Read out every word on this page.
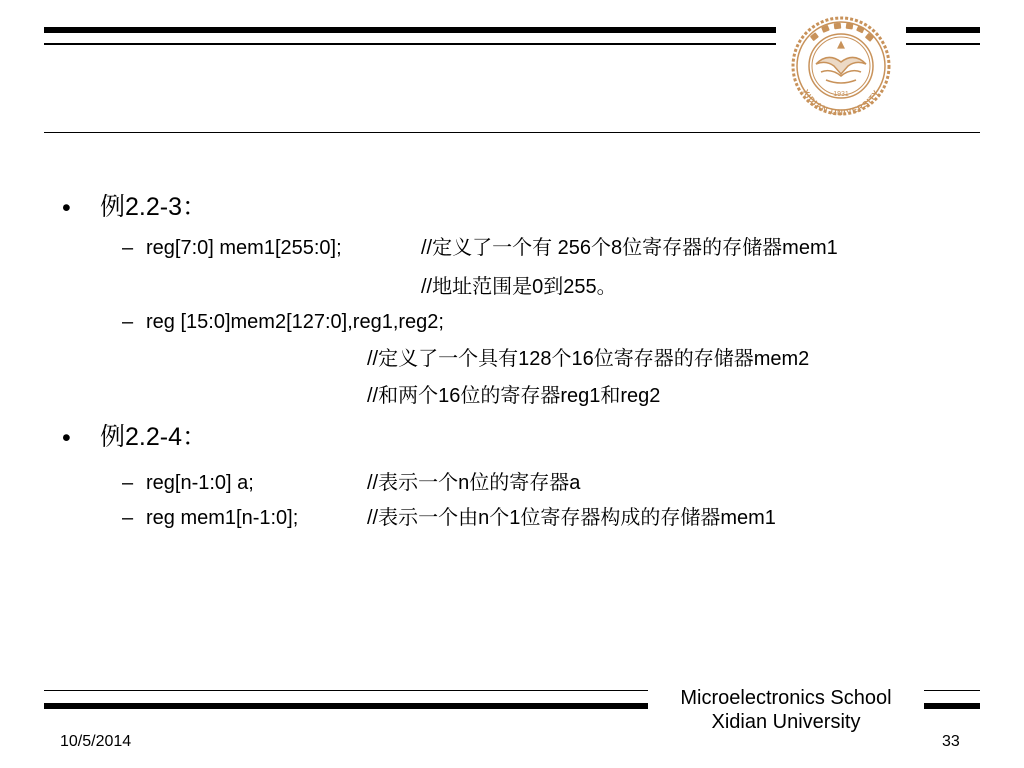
XIDIAN UNIVERSITY
1931
• 例2.2-3：
– reg[7:0] mem1[255:0];	//定义了一个有 256个8位寄存器的存储器mem1
//地址范围是0到255。
– reg [15:0]mem2[127:0],reg1,reg2;
//定义了一个具有128个16位寄存器的存储器mem2
//和两个16位的寄存器reg1和reg2
• 例2.2-4：
– reg[n-1:0] a;	//表示一个n位的寄存器a
– reg mem1[n-1:0];	//表示一个由n个1位寄存器构成的存储器mem1
Microelectronics School
Xidian University
10/5/2014	33
